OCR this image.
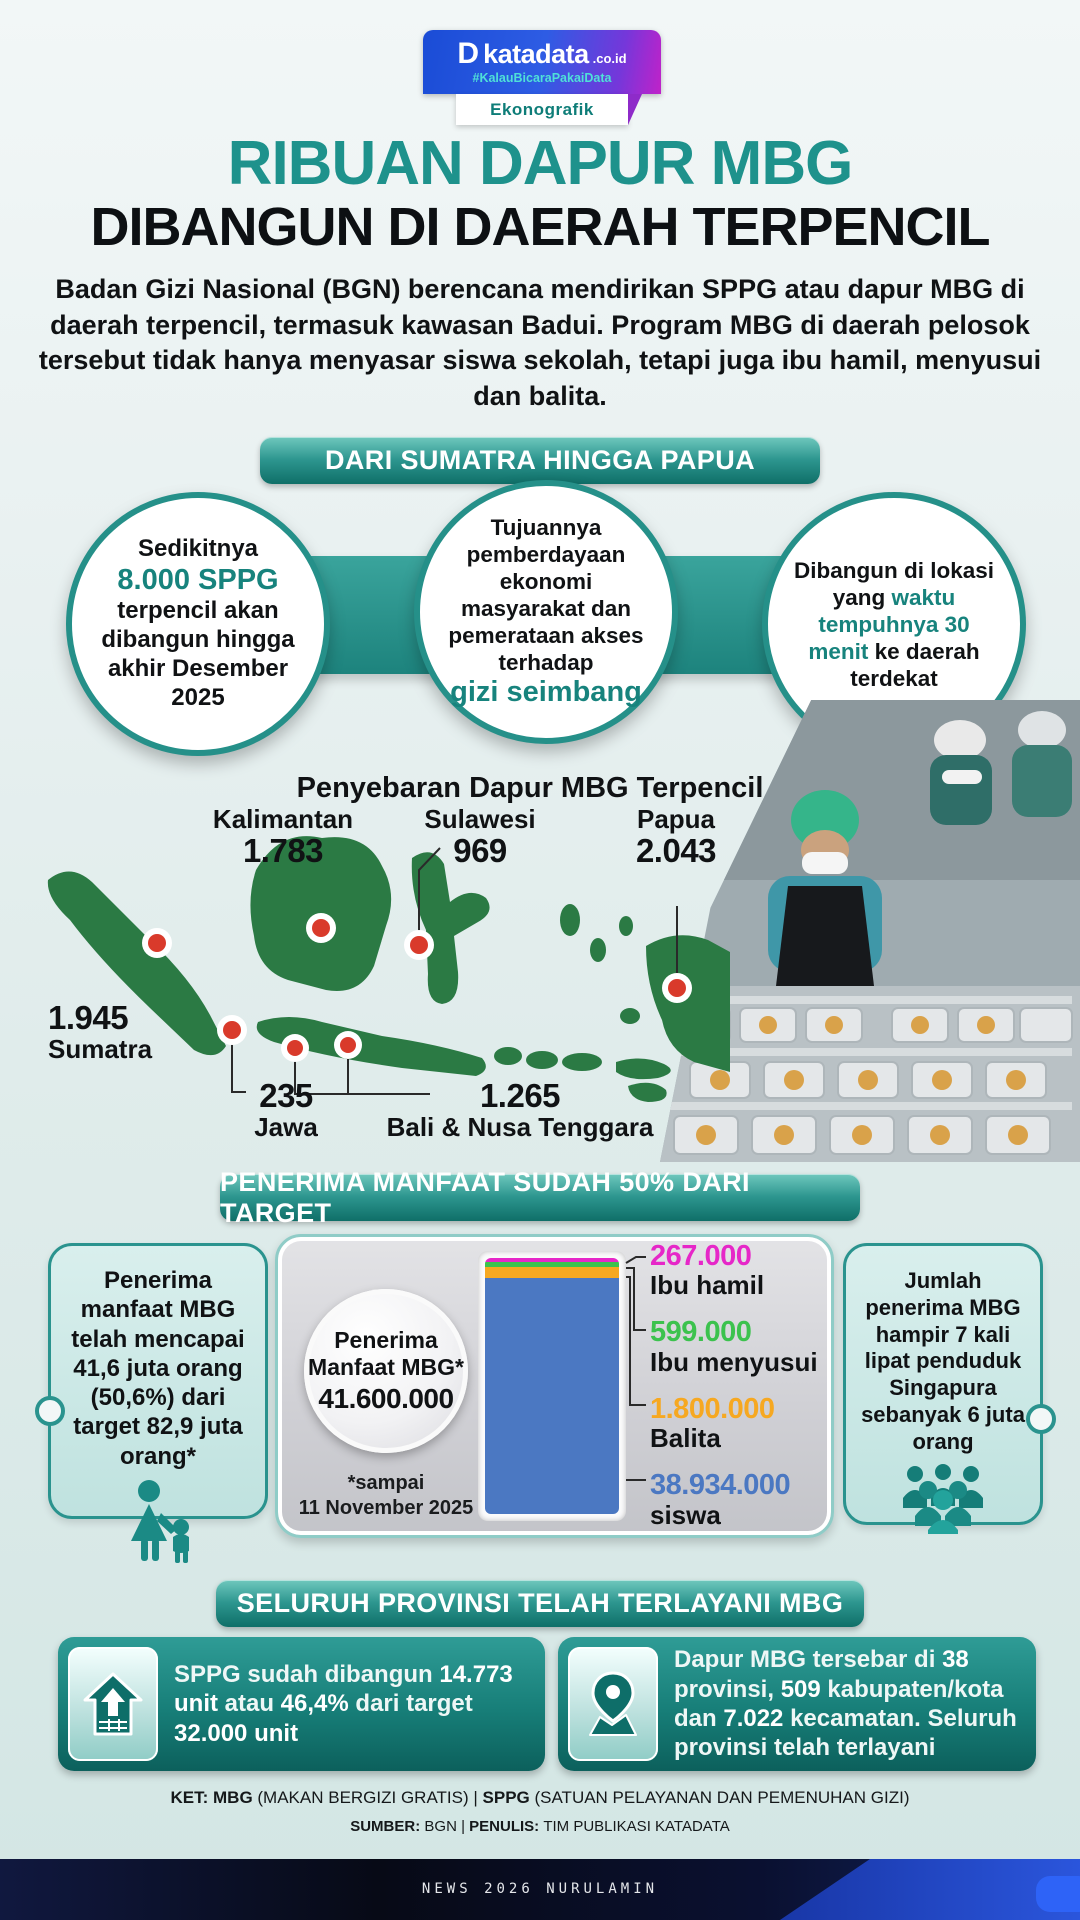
D katadata .co.id
#KalauBicaraPakaiData
Ekonografik
RIBUAN DAPUR MBG
DIBANGUN DI DAERAH TERPENCIL
Badan Gizi Nasional (BGN) berencana mendirikan SPPG atau dapur MBG di daerah terpencil, termasuk kawasan Badui. Program MBG di daerah pelosok tersebut tidak hanya menyasar siswa sekolah, tetapi juga ibu hamil, menyusui dan balita.
DARI SUMATRA HINGGA PAPUA
Sedikitnya
8.000 SPPG
terpencil akan dibangun hingga akhir Desember 2025
Tujuannya pemberdayaan ekonomi masyarakat dan pemerataan akses terhadap
gizi seimbang
Dibangun di lokasi yang waktu tempuhnya 30 menit ke daerah terdekat
Penyebaran Dapur MBG Terpencil
Kalimantan
1.783
Sulawesi
969
Papua
2.043
1.945
Sumatra
235
Jawa
1.265
Bali & Nusa Tenggara
PENERIMA MANFAAT SUDAH 50% DARI TARGET
Penerima manfaat MBG telah mencapai 41,6 juta orang (50,6%) dari target 82,9 juta orang*
Penerima Manfaat MBG*
41.600.000
*sampai
11 November 2025
267.000
Ibu hamil
599.000
Ibu menyusui
1.800.000
Balita
38.934.000
siswa
Jumlah penerima MBG hampir 7 kali lipat penduduk Singapura sebanyak 6 juta orang
SELURUH PROVINSI TELAH TERLAYANI MBG
SPPG sudah dibangun 14.773 unit atau 46,4% dari target 32.000 unit
Dapur MBG tersebar di 38 provinsi, 509 kabupaten/kota dan 7.022 kecamatan. Seluruh provinsi telah terlayani
KET: MBG (MAKAN BERGIZI GRATIS) | SPPG (SATUAN PELAYANAN DAN PEMENUHAN GIZI)
SUMBER: BGN | PENULIS: TIM PUBLIKASI KATADATA
NEWS 2026 NURULAMIN
